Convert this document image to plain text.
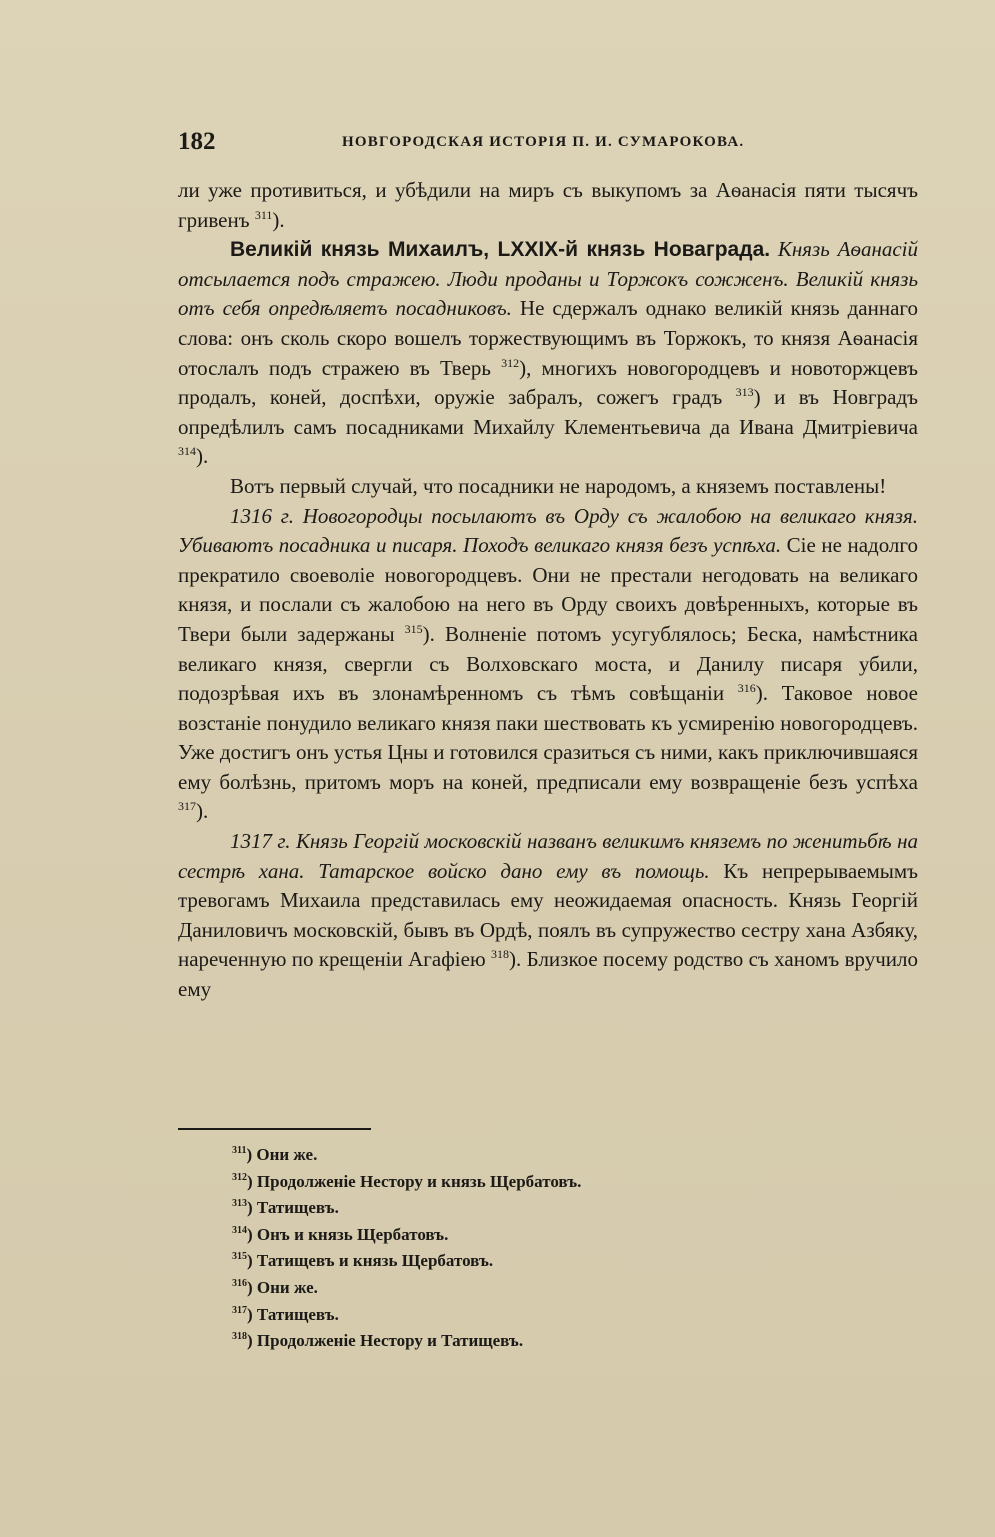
182	НОВГОРОДСКАЯ ИСТОРIЯ П. И. СУМАРОКОВА.

ли уже противиться, и убѣдили на миръ съ выкупомъ за Аѳанасія пяти тысячъ гривенъ $^{311}$).

Великiй князь Михаилъ, LXXIX-й князь Новаграда. Князь Аѳанасiй отсылается подъ стражею. Люди проданы и Торжокъ сожженъ. Великiй князь отъ себя опредѣляетъ посадниковъ. Не сдержалъ однако великiй князь даннаго слова: онъ сколь скоро вошелъ торжествующимъ въ Торжокъ, то князя Аѳанасія отослалъ подъ стражею въ Тверь $^{312}$), многихъ новогородцевъ и новоторжцевъ продалъ, коней, доспѣхи, оружiе забралъ, сожегъ градъ $^{313}$) и въ Новградъ опредѣлилъ самъ посадниками Михайлу Клементьевича да Ивана Дмитрiевича $^{314}$).

Вотъ первый случай, что посадники не народомъ, а княземъ поставлены!

1316 г. Новогородцы посылаютъ въ Орду съ жалобою на великаго князя. Убиваютъ посадника и писаря. Походъ великаго князя безъ успѣха. Сiе не надолго прекратило своеволiе новогородцевъ. Они не престали негодовать на великаго князя, и послали съ жалобою на него въ Орду своихъ довѣренныхъ, которые въ Твери были задержаны $^{315}$). Волненiе потомъ усугублялось; Беска, намѣстника великаго князя, свергли съ Волховскаго моста, и Данилу писаря убили, подозрѣвая ихъ въ злонамѣренномъ съ тѣмъ совѣщанiи $^{316}$). Таковое новое возстанiе понудило великаго князя паки шествовать къ усмиренiю новогородцевъ. Уже достигъ онъ устья Цны и готовился сразиться съ ними, какъ приключившаяся ему болѣзнь, притомъ моръ на коней, предписали ему возвращенiе безъ успѣха $^{317}$).

1317 г. Князь Георгiй московскiй названъ великимъ княземъ по женитьбѣ на сестрѣ хана. Татарское войско дано ему въ помощь. Къ непрерываемымъ тревогамъ Михаила представилась ему неожидаемая опасность. Князь Георгiй Даниловичъ московскiй, бывъ въ Ордѣ, поялъ въ супружество сестру хана Азбяку, нареченную по крещенiи Агафiею $^{318}$). Близкое посему родство съ ханомъ вручило ему

$^{311}$) Они же.
$^{312}$) Продолженiе Нестору и князь Щербатовъ.
$^{313}$) Татищевъ.
$^{314}$) Онъ и князь Щербатовъ.
$^{315}$) Татищевъ и князь Щербатовъ.
$^{316}$) Они же.
$^{317}$) Татищевъ.
$^{318}$) Продолженiе Нестору и Татищевъ.
